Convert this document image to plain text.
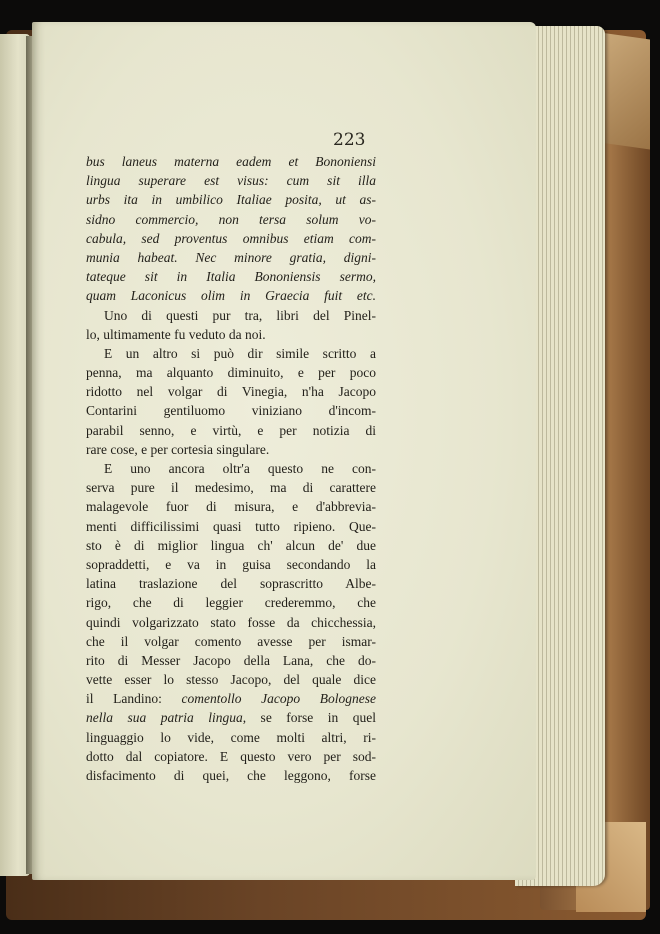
223

bus laneus materna eadem et Bononiensi
lingua superare est visus: cum sit illa
urbs ita in umbilico Italiae posita, ut as-
sidno commercio, non tersa solum vo-
cabula, sed proventus omnibus etiam com-
munia habeat. Nec minore gratia, digni-
tateque sit in Italia Bononiensis sermo,
quam Laconicus olim in Graecia fuit etc.
Uno di questi pur tra, libri del Pinel-
lo, ultimamente fu veduto da noi.
E un altro si può dir simile scritto a
penna, ma alquanto diminuito, e per poco
ridotto nel volgar di Vinegia, n'ha Jacopo
Contarini gentiluomo viniziano d'incom-
parabil senno, e virtù, e per notizia di
rare cose, e per cortesia singulare.
E uno ancora oltr'a questo ne con-
serva pure il medesimo, ma di carattere
malagevole fuor di misura, e d'abbrevia-
menti difficilissimi quasi tutto ripieno. Que-
sto è di miglior lingua ch' alcun de' due
sopraddetti, e va in guisa secondando la
latina traslazione del soprascritto Albe-
rigo, che di leggier crederemmo, che
quindi volgarizzato stato fosse da chicchessia,
che il volgar comento avesse per ismar-
rito di Messer Jacopo della Lana, che do-
vette esser lo stesso Jacopo, del quale dice
il Landino: comentollo Jacopo Bolognese
nella sua patria lingua, se forse in quel
linguaggio lo vide, come molti altri, ri-
dotto dal copiatore. E questo vero per sod-
disfacimento di quei, che leggono, forse
